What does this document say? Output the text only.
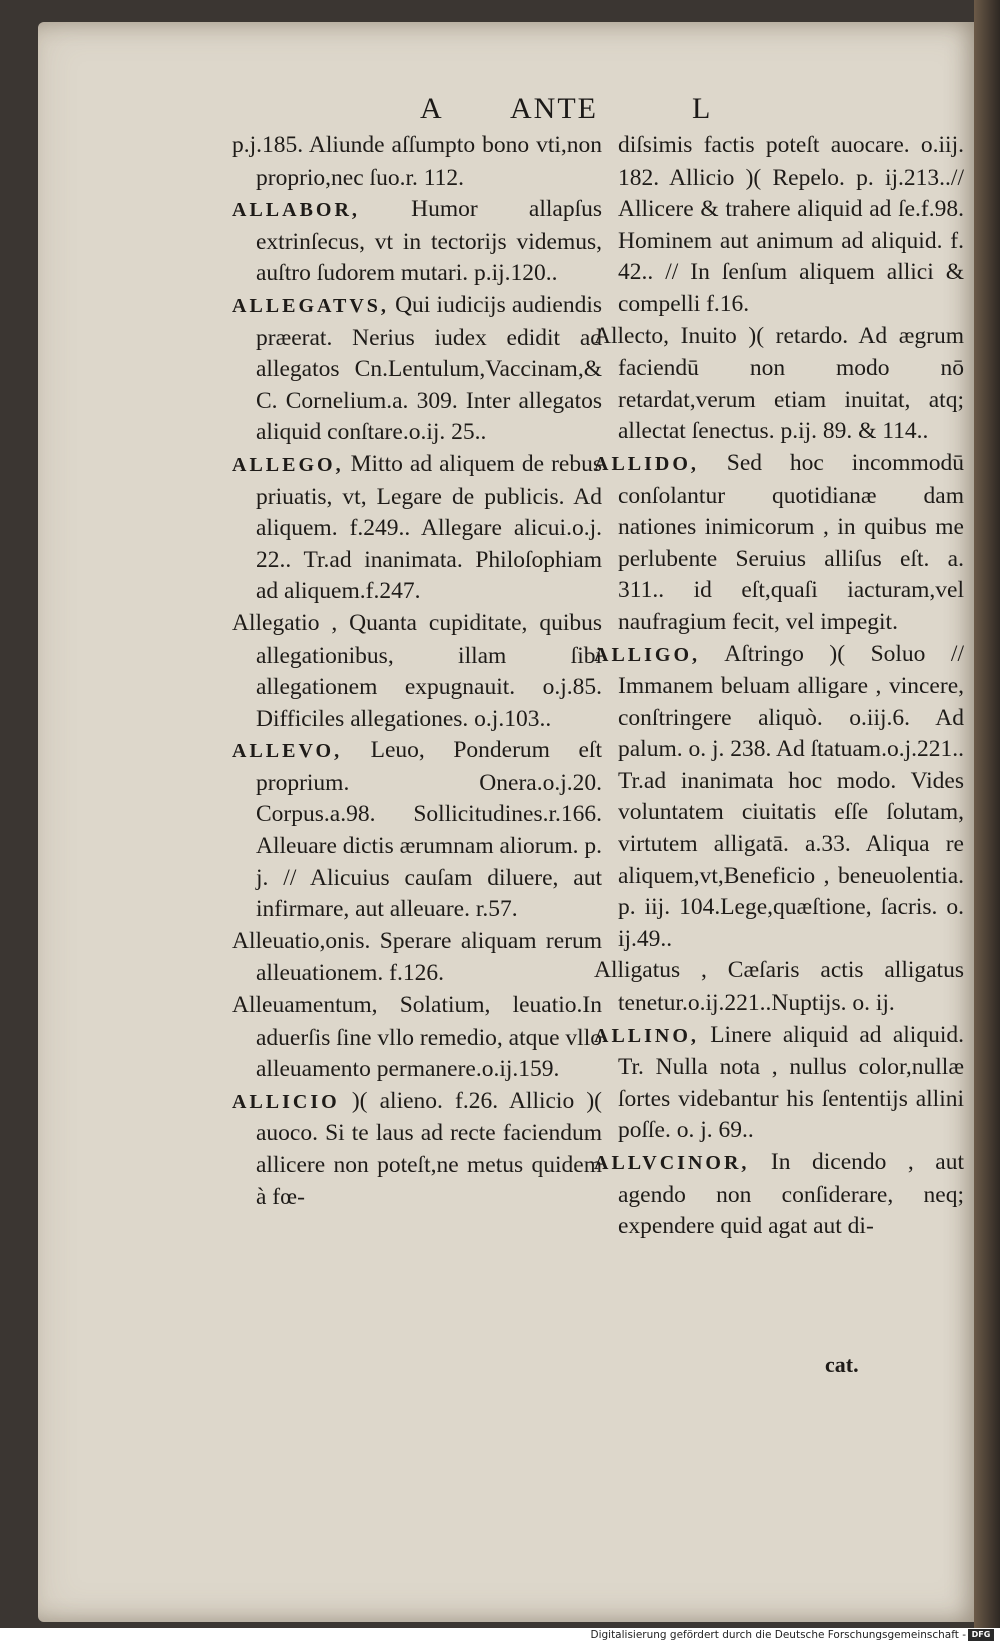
A ANTE	L

p.j.185. Aliunde aſſumpto bono vti,non proprio,nec ſuo.r. 112.

ALLABOR, Humor allapſus extrinſecus, vt in tectorijs videmus, auſtro ſudorem mutari. p.ij.120..

ALLEGATVS, Qui iudicijs audiendis præerat. Nerius iudex edidit ad allegatos Cn.Lentulum,Vaccinam,& C. Cornelium.a. 309. Inter allegatos aliquid conſtare.o.ij. 25..

ALLEGO, Mitto ad aliquem de rebus priuatis, vt, Legare de publicis. Ad aliquem. f.249.. Allegare alicui.o.j. 22.. Tr.ad inanimata. Philoſophiam ad aliquem.f.247.

Allegatio , Quanta cupiditate, quibus allegationibus, illam ſibi allegationem expugnauit. o.j.85. Difficiles allegationes. o.j.103..

ALLEVO, Leuo, Ponderum eſt proprium. Onera.o.j.20. Corpus.a.98. Sollicitudines.r.166. Alleuare dictis ærumnam aliorum. p. j. // Alicuius cauſam diluere, aut infirmare, aut alleuare. r.57.

Alleuatio,onis. Sperare aliquam rerum alleuationem. f.126.

Alleuamentum, Solatium, leuatio.In aduerſis ſine vllo remedio, atque vllo alleuamento permanere.o.ij.159.

ALLICIO )( alieno. f.26. Allicio )( auoco. Si te laus ad recte faciendum allicere non poteſt,ne metus quidem à fœ-

diſsimis factis poteſt auocare. o.iij. 182. Allicio )( Repelo. p. ij.213..// Allicere & trahere aliquid ad ſe.f.98. Hominem aut animum ad aliquid. f. 42.. // In ſenſum aliquem allici & compelli f.16.

Allecto, Inuito )( retardo. Ad ægrum faciendū non modo nō retardat,verum etiam inuitat, atq; allectat ſenectus. p.ij. 89. & 114..

ALLIDO, Sed hoc incommodū conſolantur quotidianæ dam nationes inimicorum , in quibus me perlubente Seruius alliſus eſt. a. 311.. id eſt,quaſi iacturam,vel naufragium fecit, vel impegit.

ALLIGO, Aſtringo )( Soluo // Immanem beluam alligare , vincere, conſtringere aliquò. o.iij.6. Ad palum. o. j. 238. Ad ſtatuam.o.j.221.. Tr.ad inanimata hoc modo. Vides voluntatem ciuitatis eſſe ſolutam, virtutem alligatā. a.33. Aliqua re aliquem,vt,Beneficio , beneuolentia. p. iij. 104.Lege,quæſtione, ſacris. o. ij.49..

Alligatus , Cæſaris actis alligatus tenetur.o.ij.221..Nuptijs. o. ij.

ALLINO, Linere aliquid ad aliquid. Tr. Nulla nota , nullus color,nullæ ſortes videbantur his ſententijs allini poſſe. o. j. 69..

ALLVCINOR, In dicendo , aut agendo non conſiderare, neq; expendere quid agat aut di-

cat.
Digitalisierung gefördert durch die Deutsche Forschungsgemeinschaft - DFG
